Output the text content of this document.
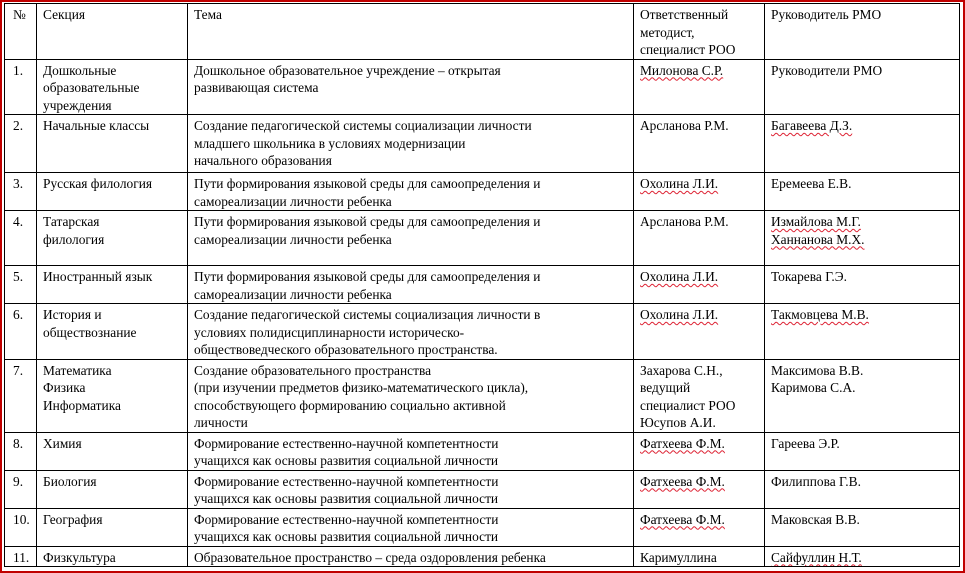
№	Секция	Тема	Ответственный
методист,
специалист РОО	Руководитель РМО
1.	Дошкольные
образовательные
учреждения	Дошкольное образовательное учреждение – открытая
развивающая система	Милонова С.Р.	Руководители РМО
2.	Начальные классы	Создание педагогической системы социализации личности
младшего школьника в условиях модернизации
начального образования	Арсланова Р.М.	Багавеева Д.З.
3.	Русская филология	Пути формирования языковой среды для самоопределения и
самореализации личности ребенка	Охолина Л.И.	Еремеева Е.В.
4.	Татарская
филология	Пути формирования языковой среды для самоопределения и
самореализации личности ребенка	Арсланова Р.М.	Измайлова М.Г.
Ханнанова М.Х.
5.	Иностранный язык	Пути формирования языковой среды для самоопределения и
самореализации личности ребенка	Охолина Л.И.	Токарева Г.Э.
6.	История и
обществознание	Создание педагогической системы социализация личности в
условиях полидисциплинарности историческо-
обществоведческого образовательного пространства.	Охолина Л.И.	Такмовцева М.В.
7.	Математика
Физика
Информатика	Создание образовательного пространства
(при изучении предметов физико-математического цикла),
способствующего формированию социально активной
личности	Захарова С.Н.,
ведущий
специалист РОО
Юсупов А.И.	Максимова В.В.
Каримова С.А.
8.	Химия	Формирование естественно-научной компетентности
учащихся как основы развития социальной личности	Фатхеева Ф.М.	Гареева Э.Р.
9.	Биология	Формирование естественно-научной компетентности
учащихся как основы развития социальной личности	Фатхеева Ф.М.	Филиппова Г.В.
10.	География	Формирование естественно-научной компетентности
учащихся как основы развития социальной личности	Фатхеева Ф.М.	Маковская В.В.
11.	Физкультура	Образовательное пространство – среда оздоровления ребенка	Каримуллина	Сайфуллин Н.Т.
